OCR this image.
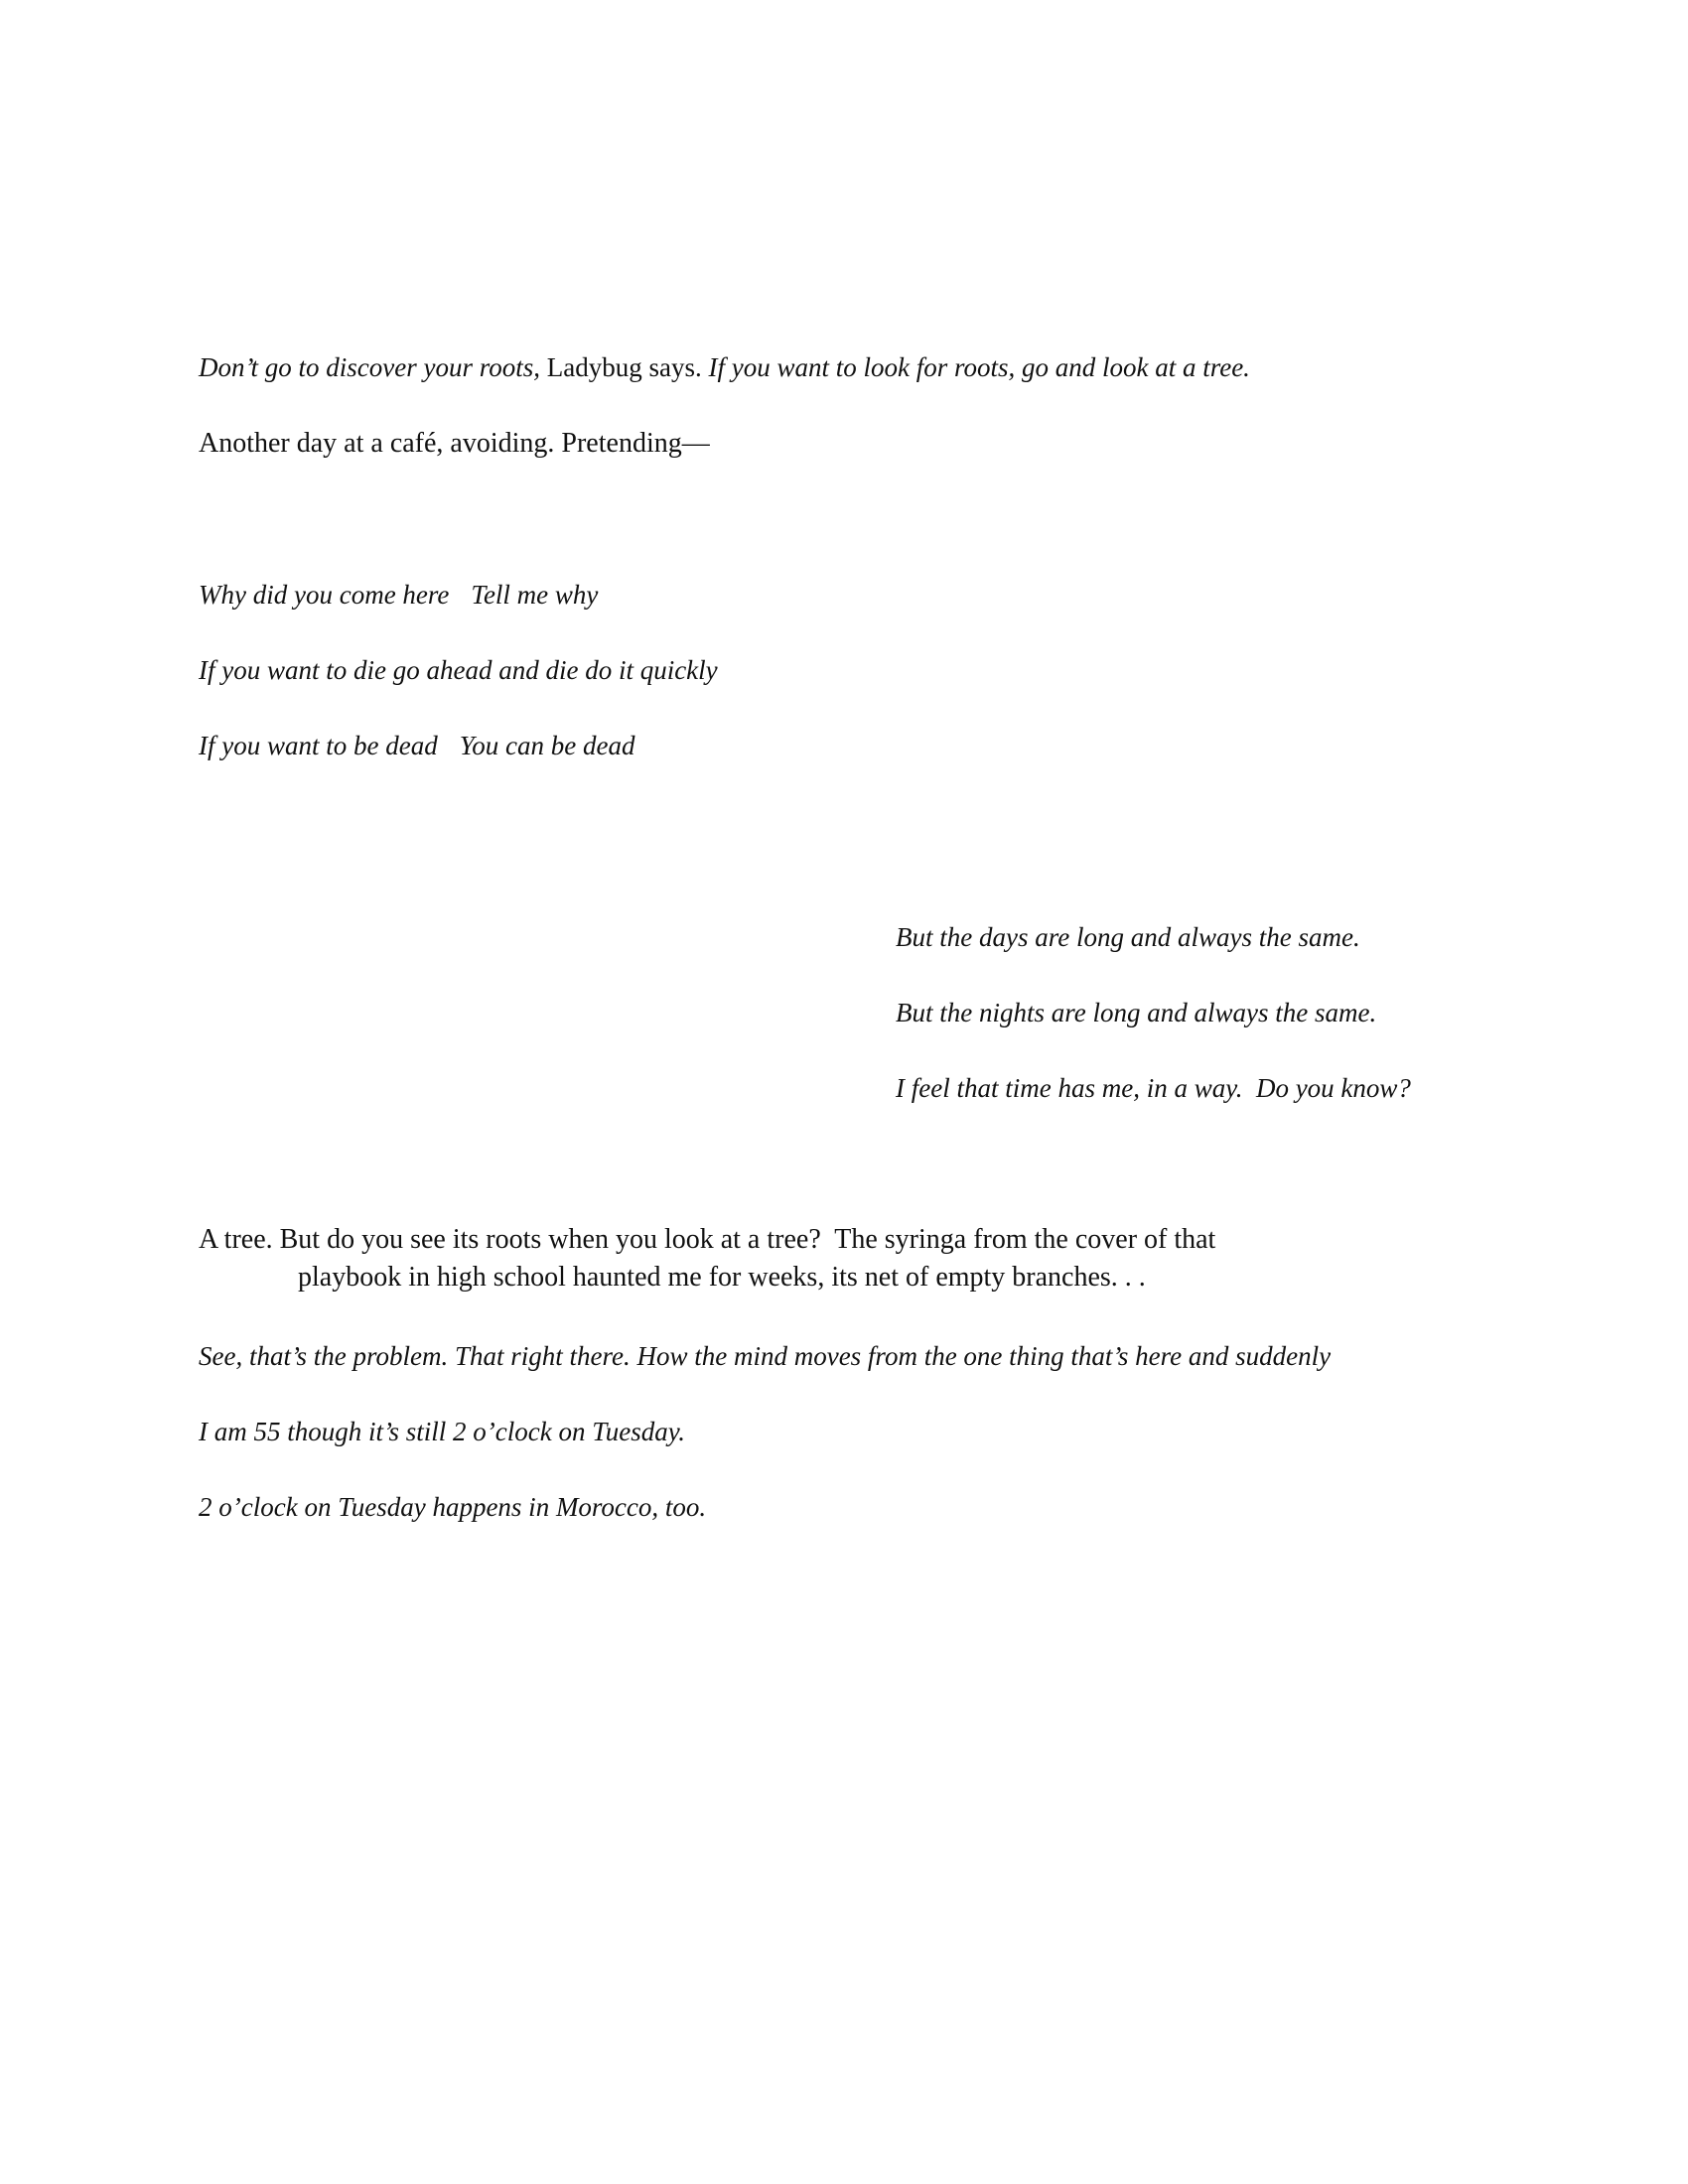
Don’t go to discover your roots, Ladybug says. If you want to look for roots, go and look at a tree.
Another day at a café, avoiding. Pretending—
Why did you come here Tell me why
If you want to die go ahead and die do it quickly
If you want to be dead You can be dead
But the days are long and always the same.
But the nights are long and always the same.
I feel that time has me, in a way.  Do you know?
A tree. But do you see its roots when you look at a tree?  The syringa from the cover of that
playbook in high school haunted me for weeks, its net of empty branches. . .
See, that’s the problem. That right there. How the mind moves from the one thing that’s here and suddenly
I am 55 though it’s still 2 o’clock on Tuesday.
2 o’clock on Tuesday happens in Morocco, too.
